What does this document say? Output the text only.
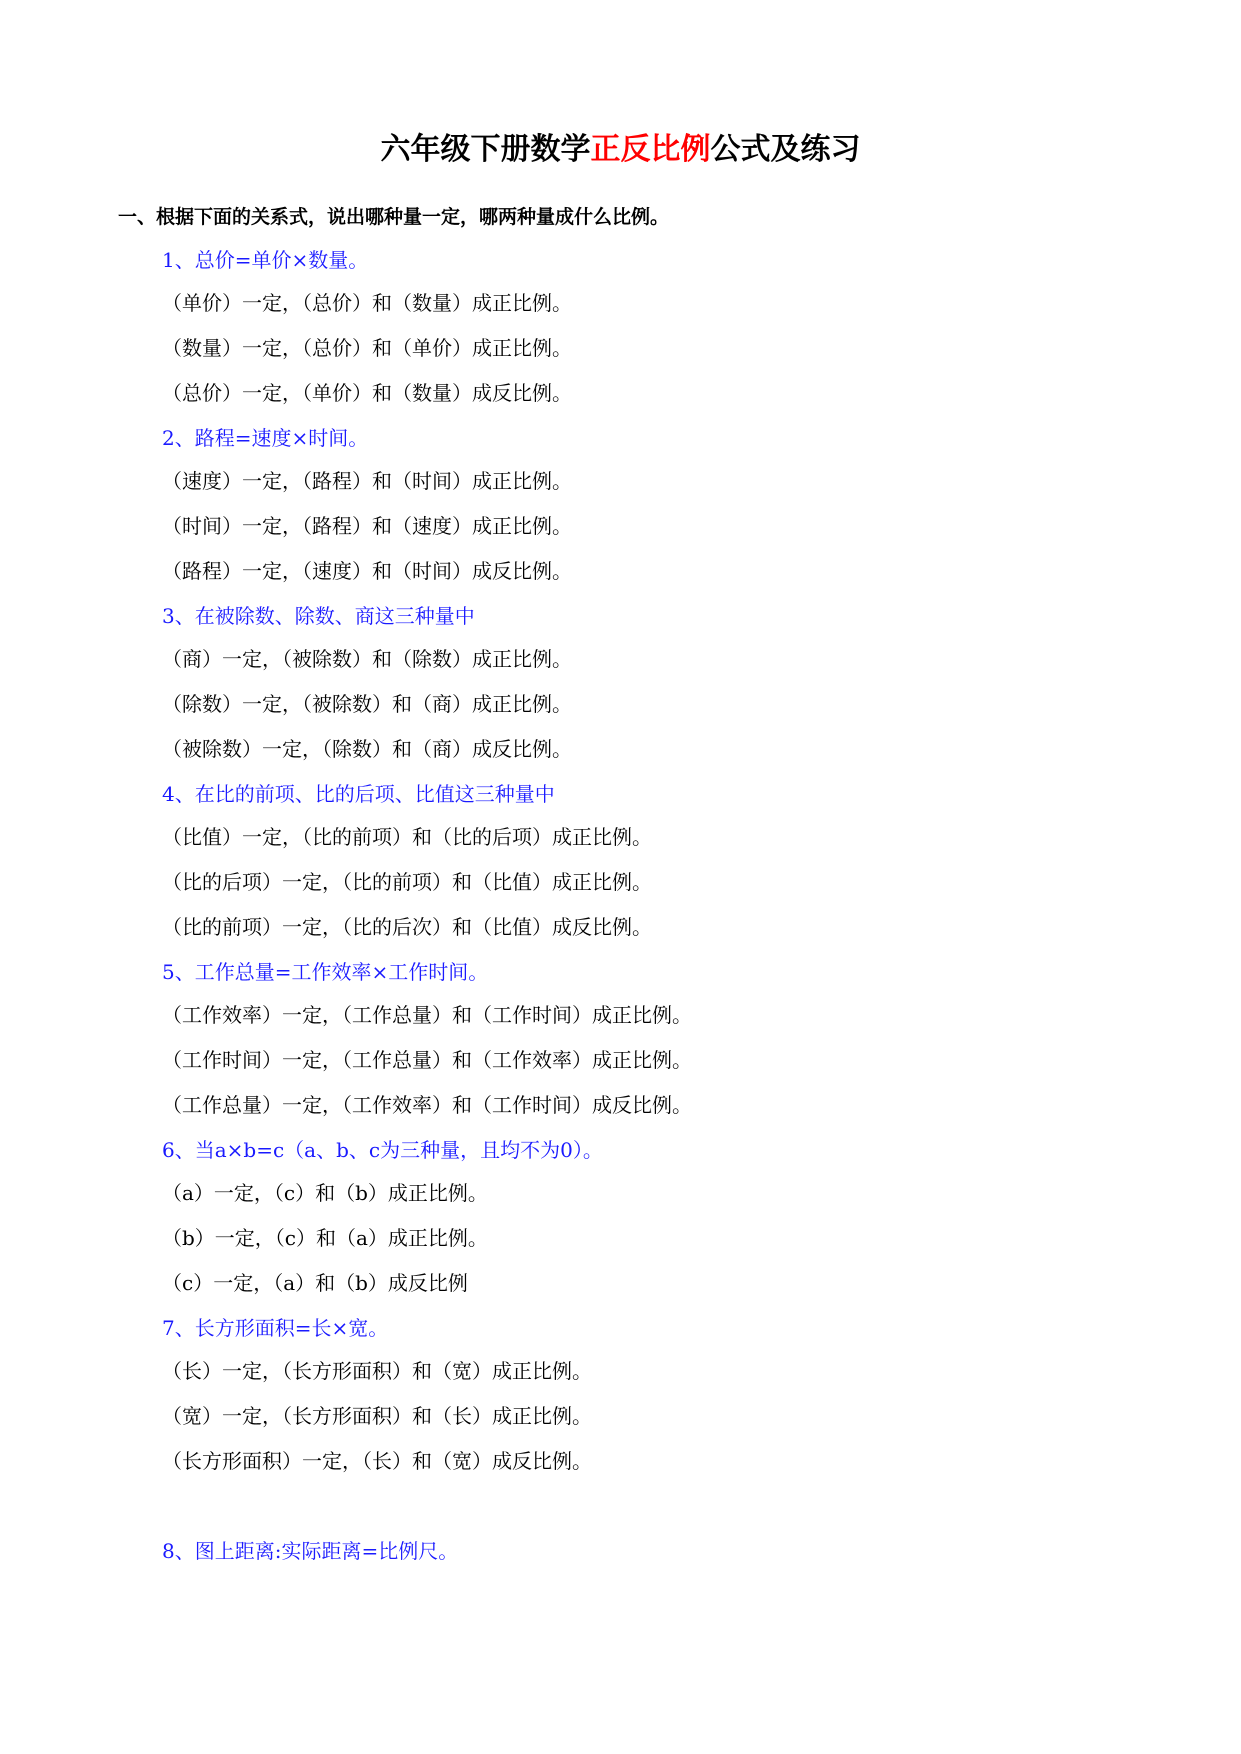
六年级下册数学正反比例公式及练习
一、根据下面的关系式，说出哪种量一定，哪两种量成什么比例。
1、总价=单价×数量。
（单价）一定，（总价）和（数量）成正比例。
（数量）一定，（总价）和（单价）成正比例。
（总价）一定，（单价）和（数量）成反比例。
2、路程=速度×时间。
（速度）一定，（路程）和（时间）成正比例。
（时间）一定，（路程）和（速度）成正比例。
（路程）一定，（速度）和（时间）成反比例。
3、在被除数、除数、商这三种量中
（商）一定，（被除数）和（除数）成正比例。
（除数）一定，（被除数）和（商）成正比例。
（被除数）一定，（除数）和（商）成反比例。
4、在比的前项、比的后项、比值这三种量中
（比值）一定，（比的前项）和（比的后项）成正比例。
（比的后项）一定，（比的前项）和（比值）成正比例。
（比的前项）一定，（比的后次）和（比值）成反比例。
5、工作总量=工作效率×工作时间。
（工作效率）一定，（工作总量）和（工作时间）成正比例。
（工作时间）一定，（工作总量）和（工作效率）成正比例。
（工作总量）一定，（工作效率）和（工作时间）成反比例。
6、当a×b=c（a、b、c为三种量，且均不为0）。
（a）一定，（c）和（b）成正比例。
（b）一定，（c）和（a）成正比例。
（c）一定，（a）和（b）成反比例
7、长方形面积=长×宽。
（长）一定，（长方形面积）和（宽）成正比例。
（宽）一定，（长方形面积）和（长）成正比例。
（长方形面积）一定，（长）和（宽）成反比例。
8、图上距离:实际距离=比例尺。
